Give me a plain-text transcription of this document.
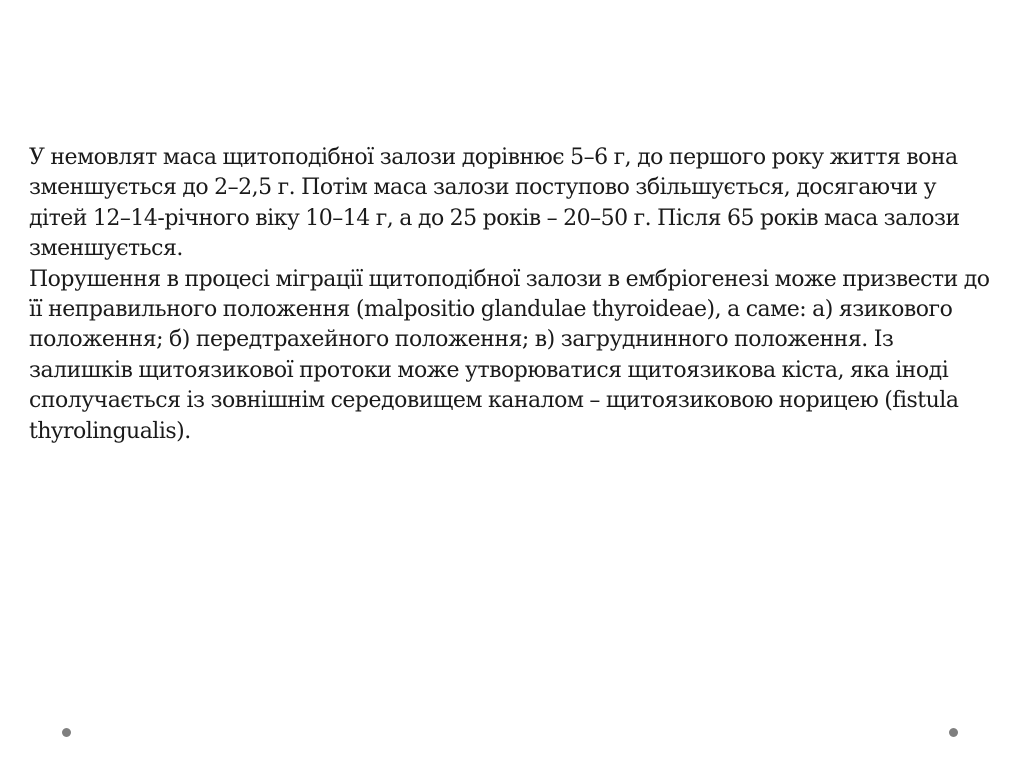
У немовлят маса щитоподібної залози дорівнює 5–6 г, до першого року життя вона зменшується до 2–2,5 г. Потім маса залози поступово збільшується, досягаючи у дітей 12–14-річного віку 10–14 г, а до 25 років – 20–50 г. Після 65 років маса залози зменшується.

Порушення в процесі міграції щитоподібної залози в ембріогенезі може призвести до її неправильного положення (malpositio glandulae thyroideae), а саме: а) язикового положення; б) передтрахейного положення; в) загруднинного положення. Із залишків щитоязикової протоки може утворюватися щитоязикова кіста, яка іноді сполучається із зовнішнім середовищем каналом – щитоязиковою норицею (fistula thyrolingualis).
